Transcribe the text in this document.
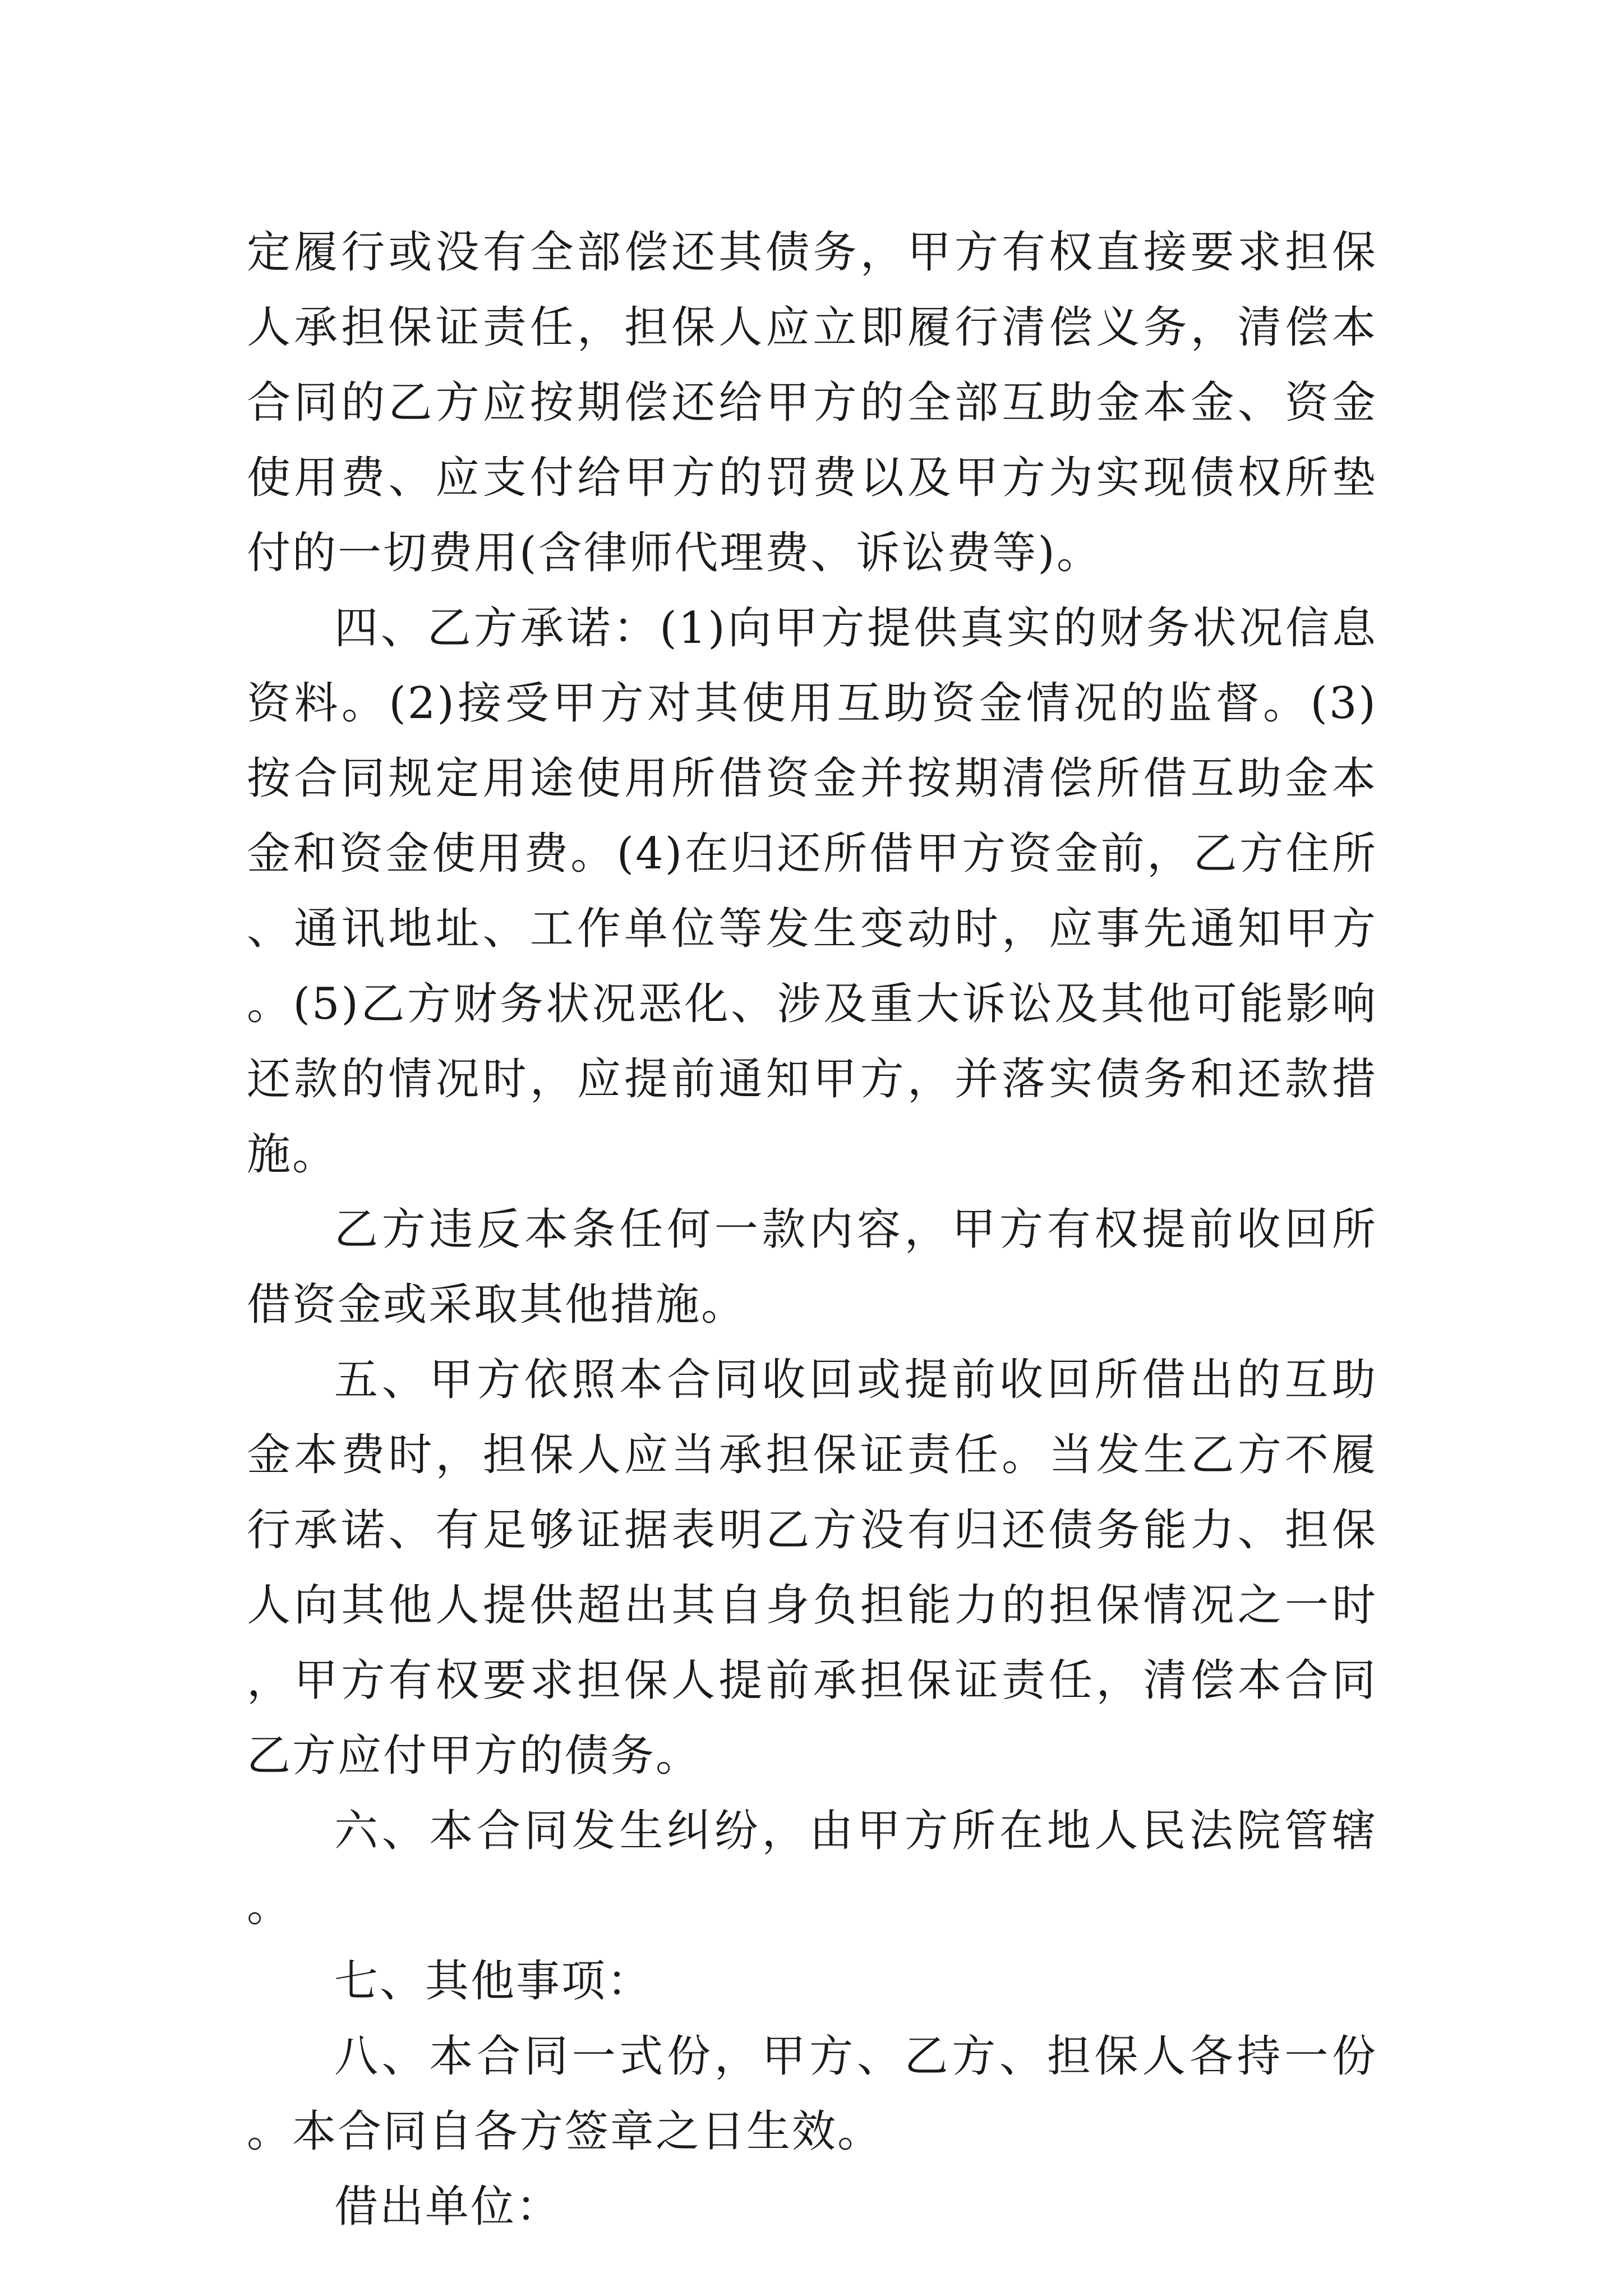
定履行或没有全部偿还其债务，甲方有权直接要求担保人承担保证责任，担保人应立即履行清偿义务，清偿本合同的乙方应按期偿还给甲方的全部互助金本金、资金使用费、应支付给甲方的罚费以及甲方为实现债权所垫付的一切费用(含律师代理费、诉讼费等)。

四、乙方承诺：(1)向甲方提供真实的财务状况信息资料。(2)接受甲方对其使用互助资金情况的监督。(3)按合同规定用途使用所借资金并按期清偿所借互助金本金和资金使用费。(4)在归还所借甲方资金前，乙方住所、通讯地址、工作单位等发生变动时，应事先通知甲方。(5)乙方财务状况恶化、涉及重大诉讼及其他可能影响还款的情况时，应提前通知甲方，并落实债务和还款措施。

乙方违反本条任何一款内容，甲方有权提前收回所借资金或采取其他措施。

五、甲方依照本合同收回或提前收回所借出的互助金本费时，担保人应当承担保证责任。当发生乙方不履行承诺、有足够证据表明乙方没有归还债务能力、担保人向其他人提供超出其自身负担能力的担保情况之一时，甲方有权要求担保人提前承担保证责任，清偿本合同乙方应付甲方的债务。

六、本合同发生纠纷，由甲方所在地人民法院管辖。

七、其他事项：

八、本合同一式份，甲方、乙方、担保人各持一份。本合同自各方签章之日生效。

借出单位：
